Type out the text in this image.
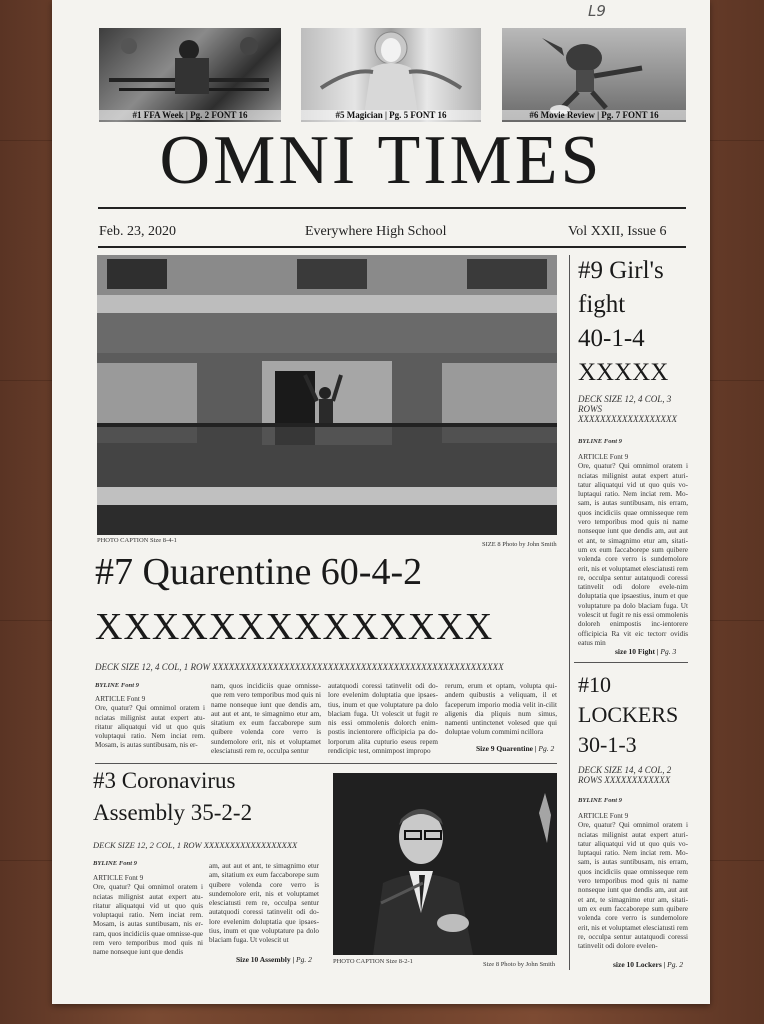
L9
#1 FFA Week | Pg. 2 FONT 16	#5 Magician | Pg. 5 FONT 16	#6 Movie Review | Pg. 7 FONT 16
OMNI TIMES
Feb. 23, 2020	Everywhere High School	Vol XXII, Issue 6
PHOTO CAPTION Size 8-4-1
SIZE 8 Photo by John Smith
#7 Quarentine 60-4-2
XXXXXXXXXXXXXX
DECK SIZE 12, 4 COL, 1 ROW XXXXXXXXXXXXXXXXXXXXXXXXXXXXXXXXXXXXXXXXXXXXXXXXXXXXX
BYLINE Font 9
ARTICLE Font 9
Ore, quatur? Qui omnimol oratem i nciatas milignist autat expert atu-ritatur aliquatqui vid ut quo quis voluptaqui ratio. Nem inciat rem. Mosam, is autas suntibusam, nis er-
nam, quos incidiciis quae omnisse-que rem vero temporibus mod quis ni name nonseque iunt que dendis am, aut aut et ant, te simagnimo etur am, sitatium ex eum faccaborepe sum quibere volenda core verro is sundemolore erit, nis et voluptamet elesciatusti rem re, occulpa sentur
autatquodi coressi tatinvelit odi do-lore evelenim doluptatia que ipsaes-tius, inum et que voluptature pa dolo blaciam fuga. Ut volescit ut fugit re nis essi ommolenis dolorch enim-postis incientorere officipicia pa do-lorporum alita cupturio eseus repem rendicipic test, omnimpost impropo
rerum, erum et optam, volupta qui-andem quibustis a veliquam, il et faceperum imporio modia velit in-cilit aligenis dia pliquis num simus, namenti untinctenet volesed que qui doluptae volum commimi ncillora
Size 9 Quarentine | Pg. 2
#9 Girl's
fight
40-1-4
XXXXX
DECK SIZE 12, 4 COL, 3 ROWS XXXXXXXXXXXXXXXXXX
BYLINE Font 9
ARTICLE Font 9
Ore, quatur? Qui omnimol oratem i nciatas milignist autat expert aturi-tatur aliquatqui vid ut quo quis vo-luptaqui ratio. Nem inciat rem. Mo-sam, is autas suntibusam, nis erram, quos incidiciis quae omnisseque rem vero temporibus mod quis ni name nonseque iunt que dendis am, aut aut et ant, te simagnimo etur am, sitati-um ex eum faccaborepe sum quibere volenda core verro is sundemolore erit, nis et voluptamet elesciatusti rem re, occulpa sentur autatquodi coressi tatinvelit odi dolore evele-nim doluptatia que ipsaestius, inum et que voluptature pa dolo blaciam fuga. Ut volescit ut fugit re nis essi ommolenis doloreh enimpostis inc-ientorere officipicia Ra vit eic tectorr ovidis eatus min
size 10 Fight | Pg. 3
#10
LOCKERS
30-1-3
DECK SIZE 14, 4 COL, 2 ROWS XXXXXXXXXXXX
BYLINE Font 9
ARTICLE Font 9
Ore, quatur? Qui omnimol oratem i nciatas milignist autat expert aturi-tatur aliquatqui vid ut quo quis vo-luptaqui ratio. Nem inciat rem. Mo-sam, is autas suntibusam, nis erram, quos incidiciis quae omnisseque rem vero temporibus mod quis ni name nonseque iunt que dendis am, aut aut et ant, te simagnimo etur am, sitati-um ex eum faccaborepe sum quibere volenda core verro is sundemolore erit, nis et voluptamet elesciatusti rem re, occulpa sentur autatquodi coressi tatinvelit odi dolore evelen-
size 10 Lockers | Pg. 2
#3 Coronavirus
Assembly 35-2-2
DECK SIZE 12, 2 COL, 1 ROW XXXXXXXXXXXXXXXXXX
BYLINE Font 9
ARTICLE Font 9
Ore, quatur? Qui omnimol oratem i nciatas milignist autat expert atu-ritatur aliquatqui vid ut quo quis voluptaqui ratio. Nem inciat rem. Mosam, is autas suntibusam, nis er-ram, quos incidiciis quae omnisse-que rem vero temporibus mod quis ni name nonseque iunt que dendis
am, aut aut et ant, te simagnimo etur am, sitatium ex eum faccaborepe sum quibere volenda core verro is sundemolore erit, nis et voluptamet elesciatusti rem re, occulpa sentur autatquodi coressi tatinvelit odi do-lore evelenim doluptatia que ipsaes-tius, inum et que voluptature pa dolo blaciam fuga. Ut volescit ut
Size 10 Assembly | Pg. 2	PHOTO CAPTION Size 8-2-1	Size 8 Photo by John Smith
